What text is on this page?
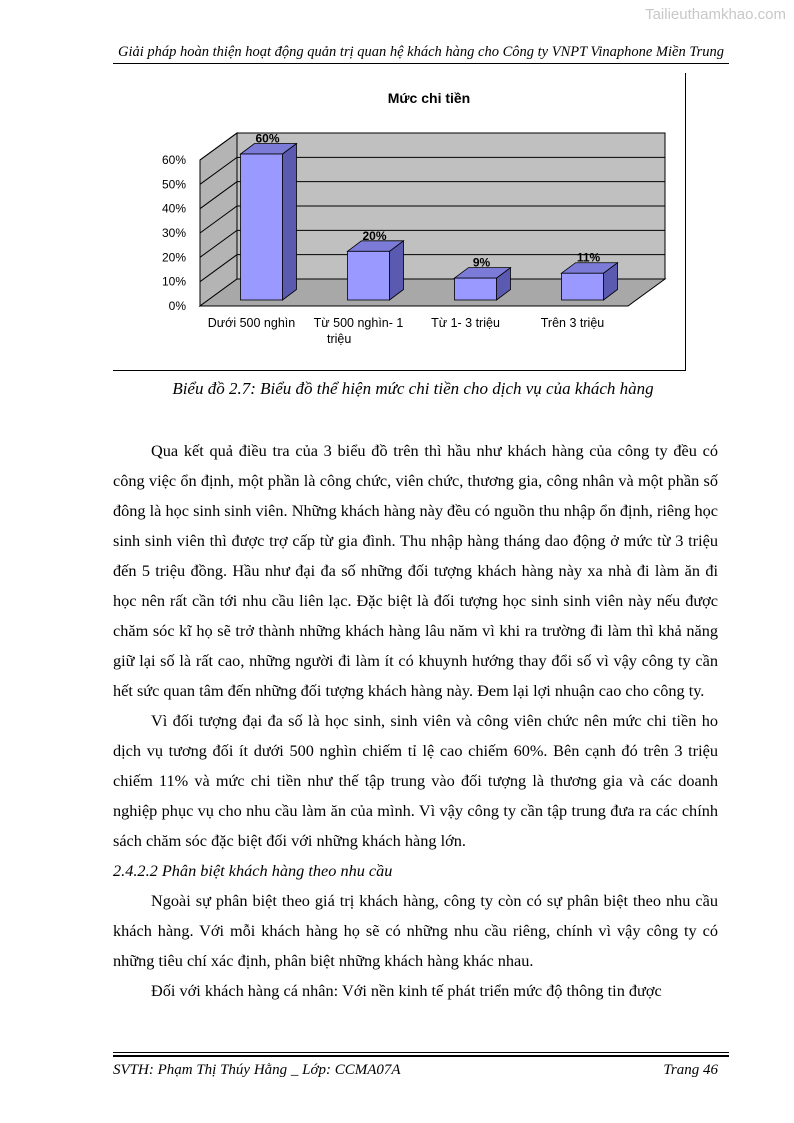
Tailieuthamkhao.com
Giải pháp hoàn thiện hoạt động quản trị quan hệ khách hàng cho Công ty VNPT Vinaphone Miền Trung
Mức chi tiền
0%
10%
20%
30%
40%
50%
60%
60%
Dưới 500 nghìn
20%
Từ 500 nghìn- 1
triệu
9%
Từ 1- 3 triệu
11%
Trên 3 triệu
Biểu đồ 2.7: Biểu đồ thể hiện mức chi tiền cho dịch vụ của khách hàng

Qua kết quả điều tra của 3 biểu đồ trên thì hầu như khách hàng của công ty đều có công việc ổn định, một phần là công chức, viên chức, thương gia, công nhân và một phần số đông là học sinh sinh viên. Những khách hàng này đều có nguồn thu nhập ổn định, riêng học sinh sinh viên thì được trợ cấp từ gia đình. Thu nhập hàng tháng dao động ở mức từ 3 triệu đến 5 triệu đồng. Hầu như đại đa số những đối tượng khách hàng này xa nhà đi làm ăn đi học nên rất cần tới nhu cầu liên lạc. Đặc biệt là đối tượng học sinh sinh viên này nếu được chăm sóc kĩ họ sẽ trở thành những khách hàng lâu năm vì khi ra trường đi làm thì khả năng giữ lại số là rất cao, những người đi làm ít có khuynh hướng thay đổi số vì vậy công ty cần hết sức quan tâm đến những đối tượng khách hàng này. Đem lại lợi nhuận cao cho công ty.

Vì đối tượng đại đa số là học sinh, sinh viên và công viên chức nên mức chi tiền ho dịch vụ tương đối ít dưới 500 nghìn chiếm tỉ lệ cao chiếm 60%. Bên cạnh đó trên 3 triệu chiếm 11% và mức chi tiền như thế tập trung vào đối tượng là thương gia và các doanh nghiệp phục vụ cho nhu cầu làm ăn của mình. Vì vậy công ty cần tập trung đưa ra các chính sách chăm sóc đặc biệt đối với những khách hàng lớn.

2.4.2.2 Phân biệt khách hàng theo nhu cầu

Ngoài sự phân biệt theo giá trị khách hàng, công ty còn có sự phân biệt theo nhu cầu khách hàng. Với mỗi khách hàng họ sẽ có những nhu cầu riêng, chính vì vậy công ty có những tiêu chí xác định, phân biệt những khách hàng khác nhau.

Đối với khách hàng cá nhân: Với nền kinh tế phát triển mức độ thông tin được

SVTH: Phạm Thị Thúy Hằng _ Lớp: CCMA07A	Trang 46
